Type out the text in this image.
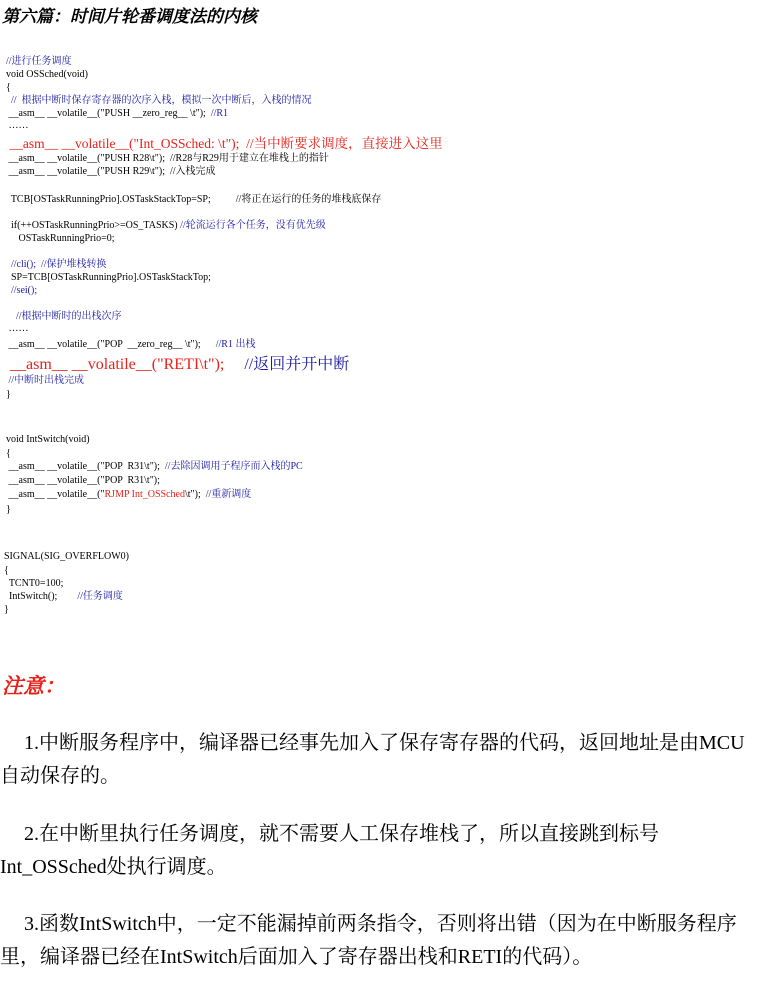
第六篇：时间片轮番调度法的内核
//进行任务调度
void OSSched(void)
{
//  根据中断时保存寄存器的次序入栈，模拟一次中断后，入栈的情况
__asm__ __volatile__("PUSH __zero_reg__ \t");  //R1
……
__asm__ __volatile__("Int_OSSched: \t");  //当中断要求调度，直接进入这里
__asm__ __volatile__("PUSH R28\t");  //R28与R29用于建立在堆栈上的指针
__asm__ __volatile__("PUSH R29\t");  //入栈完成
TCB[OSTaskRunningPrio].OSTaskStackTop=SP;          //将正在运行的任务的堆栈底保存
if(++OSTaskRunningPrio>=OS_TASKS) //轮流运行各个任务，没有优先级
OSTaskRunningPrio=0;
//cli();  //保护堆栈转换
SP=TCB[OSTaskRunningPrio].OSTaskStackTop;
//sei();
//根据中断时的出栈次序
……
__asm__ __volatile__("POP  __zero_reg__ \t");      //R1 出栈
__asm__ __volatile__("RETI\t");     //返回并开中断
//中断时出栈完成
}
void IntSwitch(void)
{
__asm__ __volatile__("POP  R31\t");  //去除因调用子程序而入栈的PC
__asm__ __volatile__("POP  R31\t");
__asm__ __volatile__("RJMP Int_OSSched\t");  //重新调度
}
SIGNAL(SIG_OVERFLOW0)
{
TCNT0=100;
IntSwitch();        //任务调度
}
注意：
1.中断服务程序中，编译器已经事先加入了保存寄存器的代码，返回地址是由MCU自动保存的。
2.在中断里执行任务调度，就不需要人工保存堆栈了，所以直接跳到标号Int_OSSched处执行调度。
3.函数IntSwitch中，一定不能漏掉前两条指令，否则将出错（因为在中断服务程序里，编译器已经在IntSwitch后面加入了寄存器出栈和RETI的代码）。
